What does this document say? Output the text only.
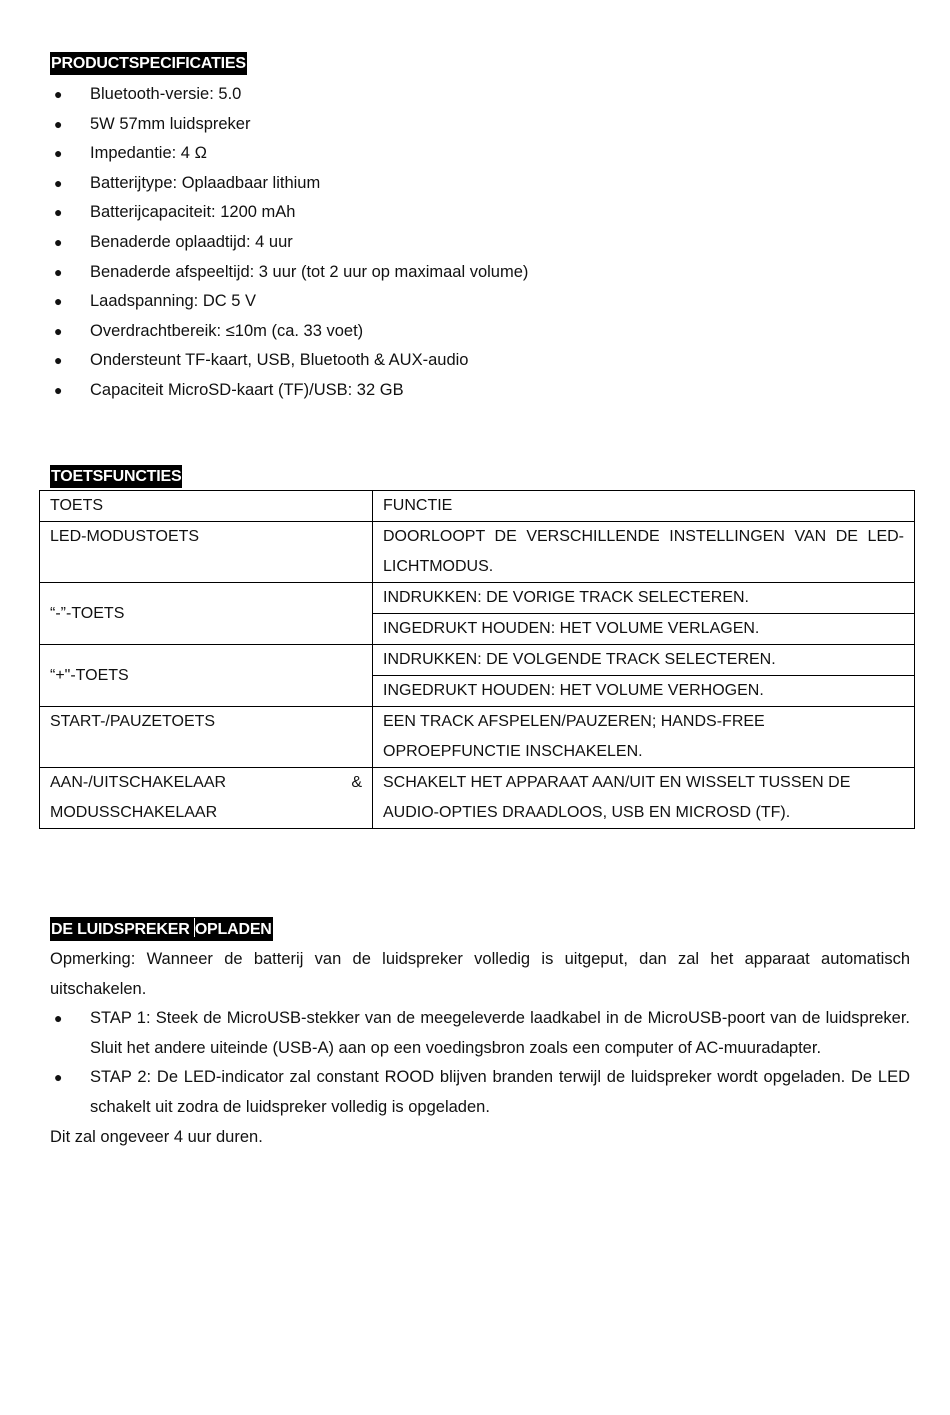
PRODUCTSPECIFICATIES
● Bluetooth-versie: 5.0
● 5W 57mm luidspreker
● Impedantie: 4 Ω
● Batterijtype: Oplaadbaar lithium
● Batterijcapaciteit: 1200 mAh
● Benaderde oplaadtijd: 4 uur
● Benaderde afspeeltijd: 3 uur (tot 2 uur op maximaal volume)
● Laadspanning: DC 5 V
● Overdrachtbereik: ≤10m (ca. 33 voet)
● Ondersteunt TF-kaart, USB, Bluetooth & AUX-audio
● Capaciteit MicroSD-kaart (TF)/USB: 32 GB
TOETSFUNCTIES
TOETS	FUNCTIE
LED-MODUSTOETS	DOORLOOPT DE VERSCHILLENDE INSTELLINGEN VAN DE LED-LICHTMODUS.
“-”-TOETS	INDRUKKEN: DE VORIGE TRACK SELECTEREN.
	INGEDRUKT HOUDEN: HET VOLUME VERLAGEN.
“+"-TOETS	INDRUKKEN: DE VOLGENDE TRACK SELECTEREN.
	INGEDRUKT HOUDEN: HET VOLUME VERHOGEN.
START-/PAUZETOETS	EEN TRACK AFSPELEN/PAUZEREN; HANDS-FREE OPROEPFUNCTIE INSCHAKELEN.

AAN-/UITSCHAKELAAR &
MODUSSCHAKELAAR	SCHAKELT HET APPARAAT AAN/UIT EN WISSELT TUSSEN DE AUDIO-OPTIES DRAADLOOS, USB EN MICROSD (TF).
DE LUIDSPREKER OPLADEN

Opmerking: Wanneer de batterij van de luidspreker volledig is uitgeput, dan zal het apparaat automatisch uitschakelen.

● STAP 1: Steek de MicroUSB-stekker van de meegeleverde laadkabel in de MicroUSB-poort van de luidspreker. Sluit het andere uiteinde (USB-A) aan op een voedingsbron zoals een computer of AC-muuradapter.
● STAP 2: De LED-indicator zal constant ROOD blijven branden terwijl de luidspreker wordt opgeladen. De LED schakelt uit zodra de luidspreker volledig is opgeladen.

Dit zal ongeveer 4 uur duren.
